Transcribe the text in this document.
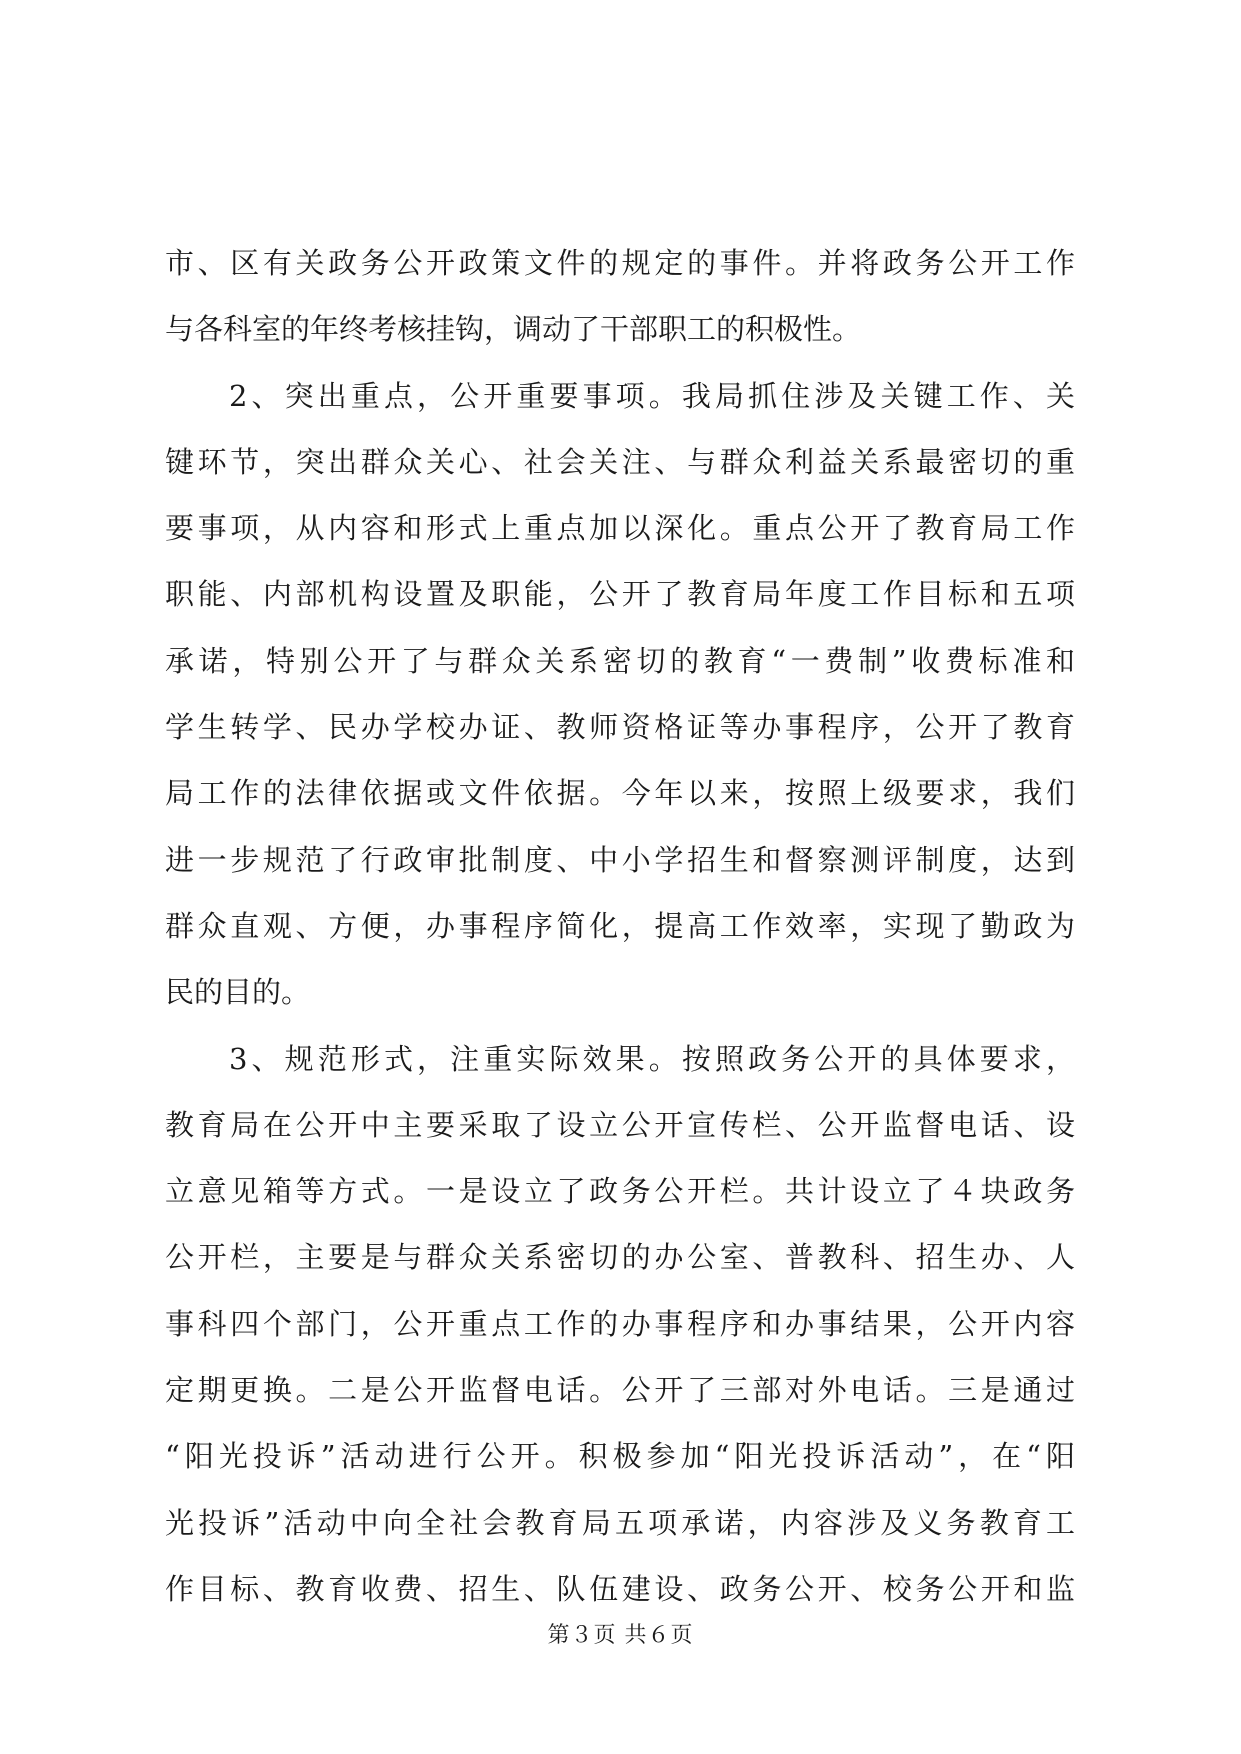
市、区有关政务公开政策文件的规定的事件。并将政务公开工作
与各科室的年终考核挂钩，调动了干部职工的积极性。
2、突出重点，公开重要事项。我局抓住涉及关键工作、关
键环节，突出群众关心、社会关注、与群众利益关系最密切的重
要事项，从内容和形式上重点加以深化。重点公开了教育局工作
职能、内部机构设置及职能，公开了教育局年度工作目标和五项
承诺，特别公开了与群众关系密切的教育“一费制”收费标准和
学生转学、民办学校办证、教师资格证等办事程序，公开了教育
局工作的法律依据或文件依据。今年以来，按照上级要求，我们
进一步规范了行政审批制度、中小学招生和督察测评制度，达到
群众直观、方便，办事程序简化，提高工作效率，实现了勤政为
民的目的。
3、规范形式，注重实际效果。按照政务公开的具体要求，
教育局在公开中主要采取了设立公开宣传栏、公开监督电话、设
立意见箱等方式。一是设立了政务公开栏。共计设立了４块政务
公开栏，主要是与群众关系密切的办公室、普教科、招生办、人
事科四个部门，公开重点工作的办事程序和办事结果，公开内容
定期更换。二是公开监督电话。公开了三部对外电话。三是通过
“阳光投诉”活动进行公开。积极参加“阳光投诉活动”，在“阳
光投诉”活动中向全社会教育局五项承诺，内容涉及义务教育工
作目标、教育收费、招生、队伍建设、政务公开、校务公开和监
第３页 共６页
